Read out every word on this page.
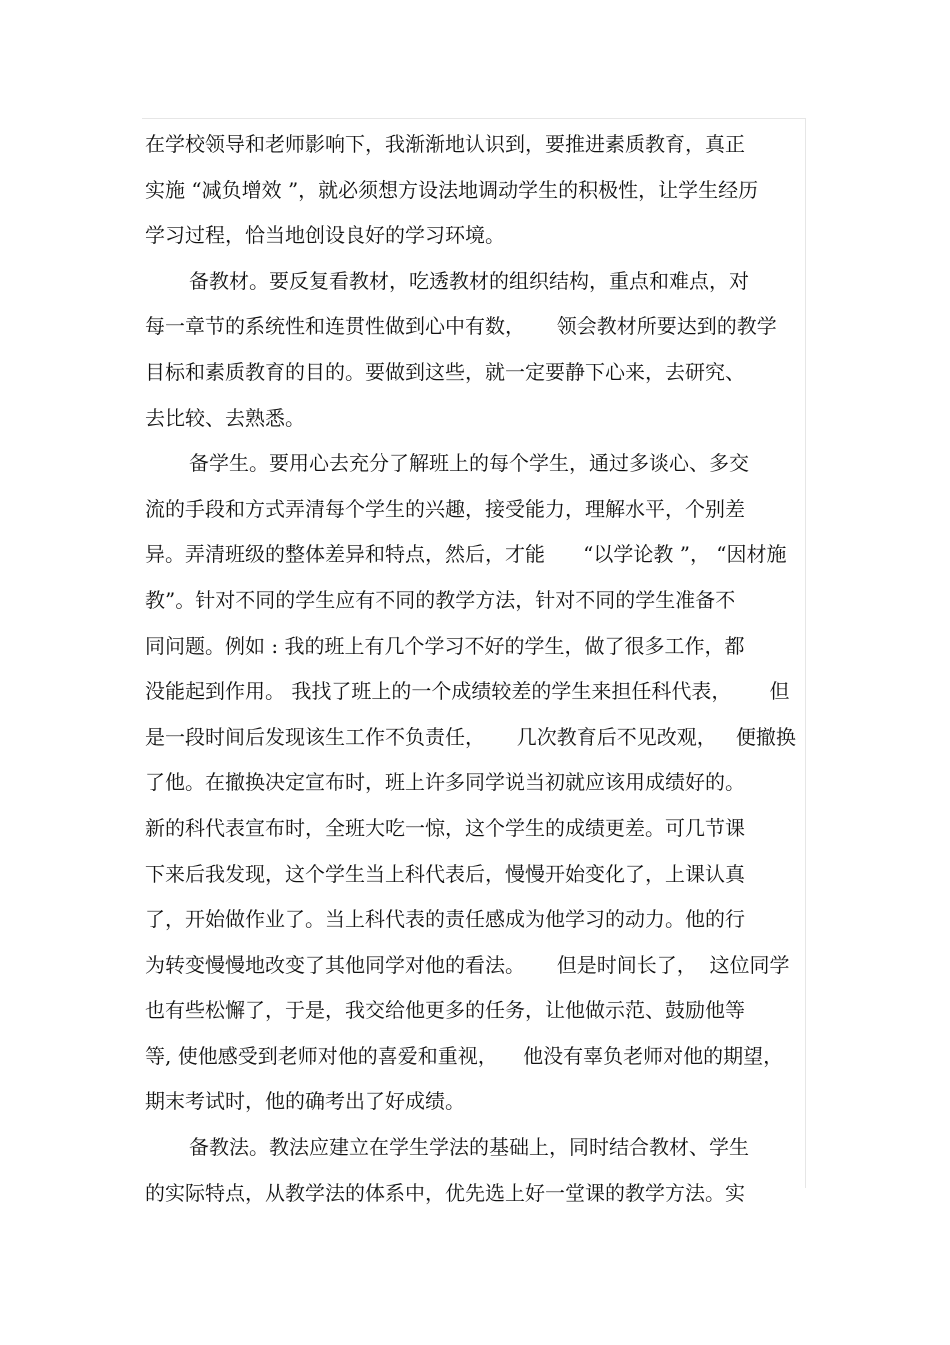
在学校领导和老师影响下，我渐渐地认识到，要推进素质教育，真正
实施 “减负增效 ”，就必须想方设法地调动学生的积极性，让学生经历
学习过程，恰当地创设良好的学习环境。
备教材。要反复看教材，吃透教材的组织结构，重点和难点，对
每一章节的系统性和连贯性做到心中有数，     领会教材所要达到的教学
目标和素质教育的目的。要做到这些，就一定要静下心来，去研究、
去比较、去熟悉。
备学生。要用心去充分了解班上的每个学生，通过多谈心、多交
流的手段和方式弄清每个学生的兴趣，接受能力，理解水平，个别差
异。弄清班级的整体差异和特点，然后，才能      “以学论教 ”， “因材施
教”。针对不同的学生应有不同的教学方法，针对不同的学生准备不
同问题。例如 : 我的班上有几个学习不好的学生，做了很多工作，都
没能起到作用。 我找了班上的一个成绩较差的学生来担任科代表，      但
是一段时间后发现该生工作不负责任，     几次教育后不见改观，   便撤换
了他。在撤换决定宣布时，班上许多同学说当初就应该用成绩好的。
新的科代表宣布时，全班大吃一惊，这个学生的成绩更差。可几节课
下来后我发现，这个学生当上科代表后，慢慢开始变化了，上课认真
了，开始做作业了。当上科代表的责任感成为他学习的动力。他的行
为转变慢慢地改变了其他同学对他的看法。     但是时间长了，  这位同学
也有些松懈了，于是，我交给他更多的任务，让他做示范、鼓励他等
等, 使他感受到老师对他的喜爱和重视，    他没有辜负老师对他的期望，
期末考试时，他的确考出了好成绩。
备教法。教法应建立在学生学法的基础上，同时结合教材、学生
的实际特点，从教学法的体系中，优先选上好一堂课的教学方法。实
